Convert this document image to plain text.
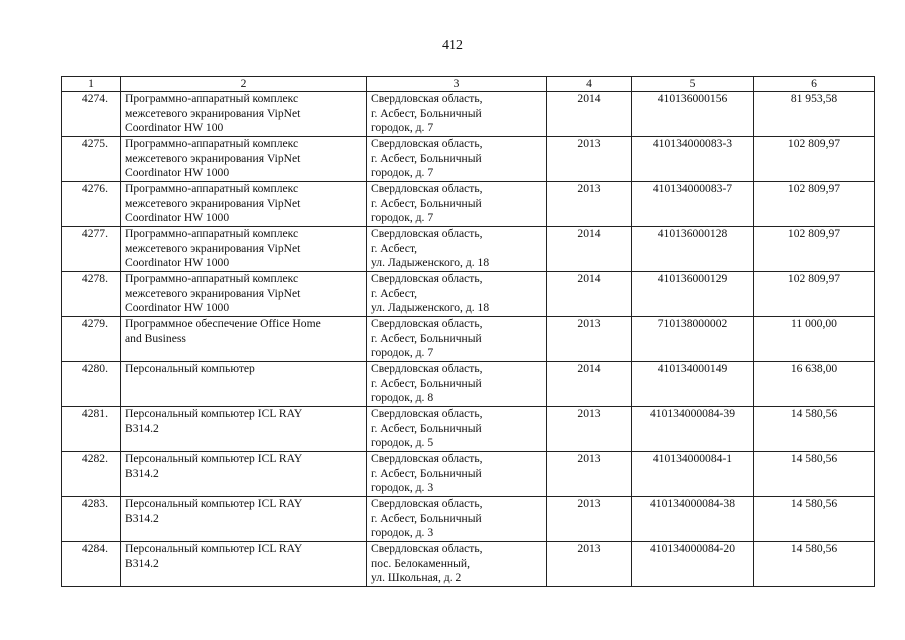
412
1	2	3	4	5	6
4274.	Программно-аппаратный комплекс
межсетевого экранирования VipNet
Coordinator HW 100	Свердловская область,
г. Асбест, Больничный
городок, д. 7	2014	410136000156	81 953,58
4275.	Программно-аппаратный комплекс
межсетевого экранирования VipNet
Coordinator HW 1000	Свердловская область,
г. Асбест, Больничный
городок, д. 7	2013	410134000083-3	102 809,97
4276.	Программно-аппаратный комплекс
межсетевого экранирования VipNet
Coordinator HW 1000	Свердловская область,
г. Асбест, Больничный
городок, д. 7	2013	410134000083-7	102 809,97
4277.	Программно-аппаратный комплекс
межсетевого экранирования VipNet
Coordinator HW 1000	Свердловская область,
г. Асбест,
ул. Ладыженского, д. 18	2014	410136000128	102 809,97
4278.	Программно-аппаратный комплекс
межсетевого экранирования VipNet
Coordinator HW 1000	Свердловская область,
г. Асбест,
ул. Ладыженского, д. 18	2014	410136000129	102 809,97
4279.	Программное обеспечение Office Home
and Business	Свердловская область,
г. Асбест, Больничный
городок, д. 7	2013	710138000002	11 000,00
4280.	Персональный компьютер	Свердловская область,
г. Асбест, Больничный
городок, д. 8	2014	410134000149	16 638,00
4281.	Персональный компьютер ICL RAY
B314.2	Свердловская область,
г. Асбест, Больничный
городок, д. 5	2013	410134000084-39	14 580,56
4282.	Персональный компьютер ICL RAY
B314.2	Свердловская область,
г. Асбест, Больничный
городок, д. 3	2013	410134000084-1	14 580,56
4283.	Персональный компьютер ICL RAY
B314.2	Свердловская область,
г. Асбест, Больничный
городок, д. 3	2013	410134000084-38	14 580,56
4284.	Персональный компьютер ICL RAY
B314.2	Свердловская область,
пос. Белокаменный,
ул. Школьная, д. 2	2013	410134000084-20	14 580,56
